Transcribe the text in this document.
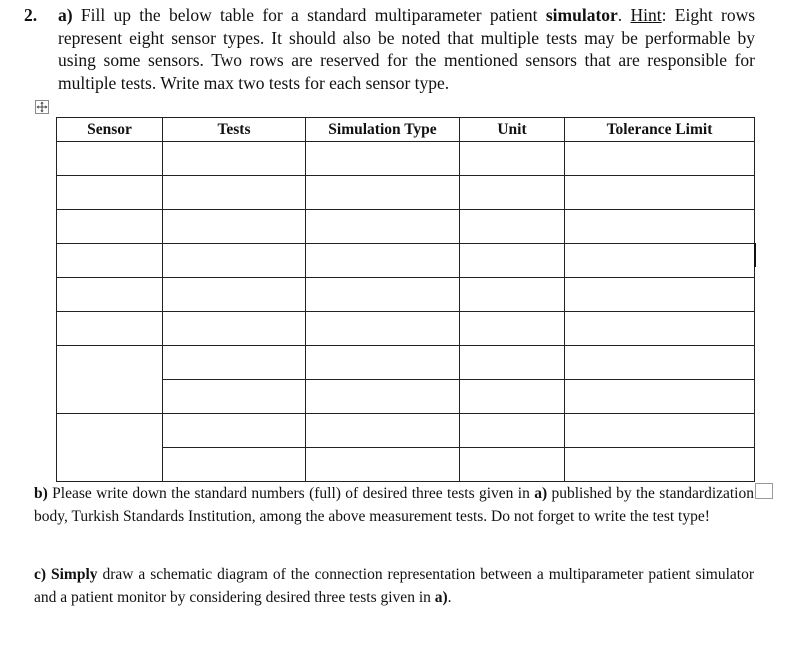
2. a) Fill up the below table for a standard multiparameter patient simulator. Hint: Eight rows represent eight sensor types. It should also be noted that multiple tests may be performable by using some sensors. Two rows are reserved for the mentioned sensors that are responsible for multiple tests. Write max two tests for each sensor type.
Sensor	Tests	Simulation Type	Unit	Tolerance Limit

b) Please write down the standard numbers (full) of desired three tests given in a) published by the standardization body, Turkish Standards Institution, among the above measurement tests. Do not forget to write the test type!
c) Simply draw a schematic diagram of the connection representation between a multiparameter patient simulator and a patient monitor by considering desired three tests given in a).
